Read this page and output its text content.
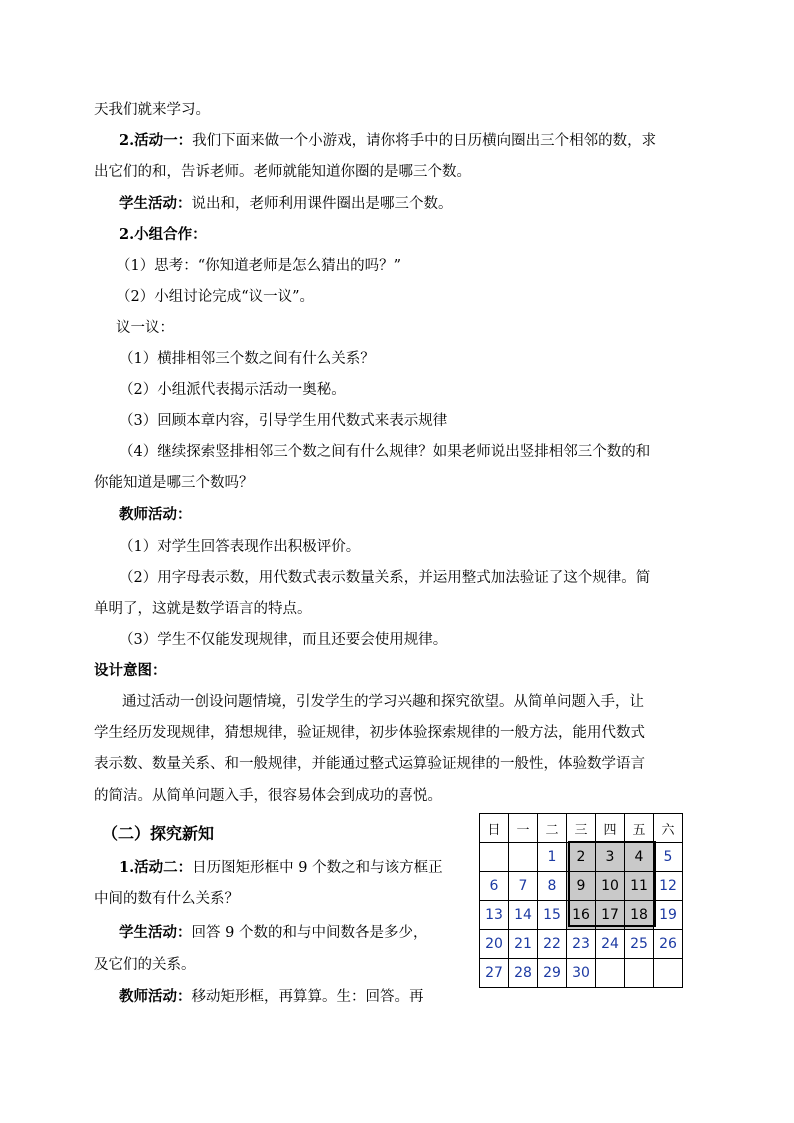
天我们就来学习。
2.活动一：我们下面来做一个小游戏，请你将手中的日历横向圈出三个相邻的数，求
出它们的和，告诉老师。老师就能知道你圈的是哪三个数。
学生活动：说出和，老师利用课件圈出是哪三个数。
2.小组合作：
（1）思考：“你知道老师是怎么猜出的吗？”
（2）小组讨论完成“议一议”。
议一议：
（1）横排相邻三个数之间有什么关系？
（2）小组派代表揭示活动一奥秘。
（3）回顾本章内容，引导学生用代数式来表示规律
（4）继续探索竖排相邻三个数之间有什么规律？如果老师说出竖排相邻三个数的和
你能知道是哪三个数吗？
教师活动：
（1）对学生回答表现作出积极评价。
（2）用字母表示数，用代数式表示数量关系，并运用整式加法验证了这个规律。简
单明了，这就是数学语言的特点。
（3）学生不仅能发现规律，而且还要会使用规律。
设计意图：
通过活动一创设问题情境，引发学生的学习兴趣和探究欲望。从简单问题入手，让
学生经历发现规律，猜想规律，验证规律，初步体验探索规律的一般方法，能用代数式
表示数、数量关系、和一般规律，并能通过整式运算验证规律的一般性，体验数学语言
的简洁。从简单问题入手，很容易体会到成功的喜悦。
（二）探究新知
1.活动二：日历图矩形框中 9 个数之和与该方框正
中间的数有什么关系？
学生活动：回答 9 个数的和与中间数各是多少，
及它们的关系。
教师活动：移动矩形框，再算算。生：回答。再
日	一	二	三	四	五	六
		1	2	3	4	5
6	7	8	9	10	11	12
13	14	15	16	17	18	19
20	21	22	23	24	25	26
27	28	29	30			
